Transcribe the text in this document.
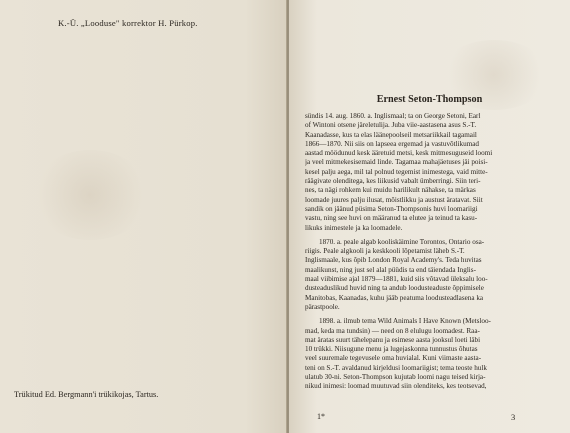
K.-Ü. „Looduse" korrektor H. Pürkop.
Trükitud Ed. Bergmann'i trükikojas, Tartus.
Ernest Seton-Thompson
sündis 14. aug. 1860. a. Inglismaal; ta on George Setoni, Earl
of Wintoni otsene järeletulija. Juba viie-aastasena asus S.-T.
Kaanadasse, kus ta elas läänepoolseil metsariikkail tagamail
1866—1870. Nii siis on lapseea ergemad ja vastuvõtlikumad
aastad möödunud kesk ääretuid metsi, kesk mitmesuguseid loomi
ja veel mitmekesisemaid linde. Tagamaa mahajäetuses jäi poisi-
kesel palju aega, mil tal polnud tegemist inimestega, vaid mitte-
räägivate olenditega, kes liikusid vabalt ümberringi. Siin teri-
nes, ta nägi rohkem kui muidu harilikult nähakse, ta märkas
loomade juures palju ilusat, mõistlikku ja austust äratavat. Siit
sandik on jäänud püsima Seton-Thompsonis huvi loomariigi
vastu, ning see huvi on määranud ta elutee ja teinud ta kasu-
likuks inimestele ja ka loomadele.
1870. a. peale algab kooliskäimine Torontos, Ontario osa-
riigis. Peale algkooli ja keskkooli lõpetamist läheb S.-T.
Inglismaale, kus õpib London Royal Academy's. Teda huvitas
maalikunst, ning just sel alal püüdis ta end täiendada Inglis-
maal viibimise ajal 1879—1881, kuid siis võtavad üleksalu loo-
dusteaduslikud huvid ning ta andub loodusteaduste õppimisele
Manitobas, Kaanadas, kuhu jääb peatuma loodusteadlasena ka
pärastpoole.
1898. a. ilmub tema Wild Animals I Have Known (Metsloo-
mad, keda ma tundsin) — need on 8 elulugu loomadest. Raa-
mat äratas suurt tähelepanu ja esimese aasta jooksul loeti läbi
10 trükki. Niisugune menu ja lugejaskonna tunnustus õhutas
veel suuremale tegevusele oma huvialal. Kuni viimaste aasta-
teni on S.-T. avaldanud kirjeldusi loomariigist; tema teoste hulk
ulatub 30-ni. Seton-Thompson kujutab loomi nagu teised kirja-
nikud inimesi: loomad muutuvad siin olenditeks, kes teotsevad,
1*	3
